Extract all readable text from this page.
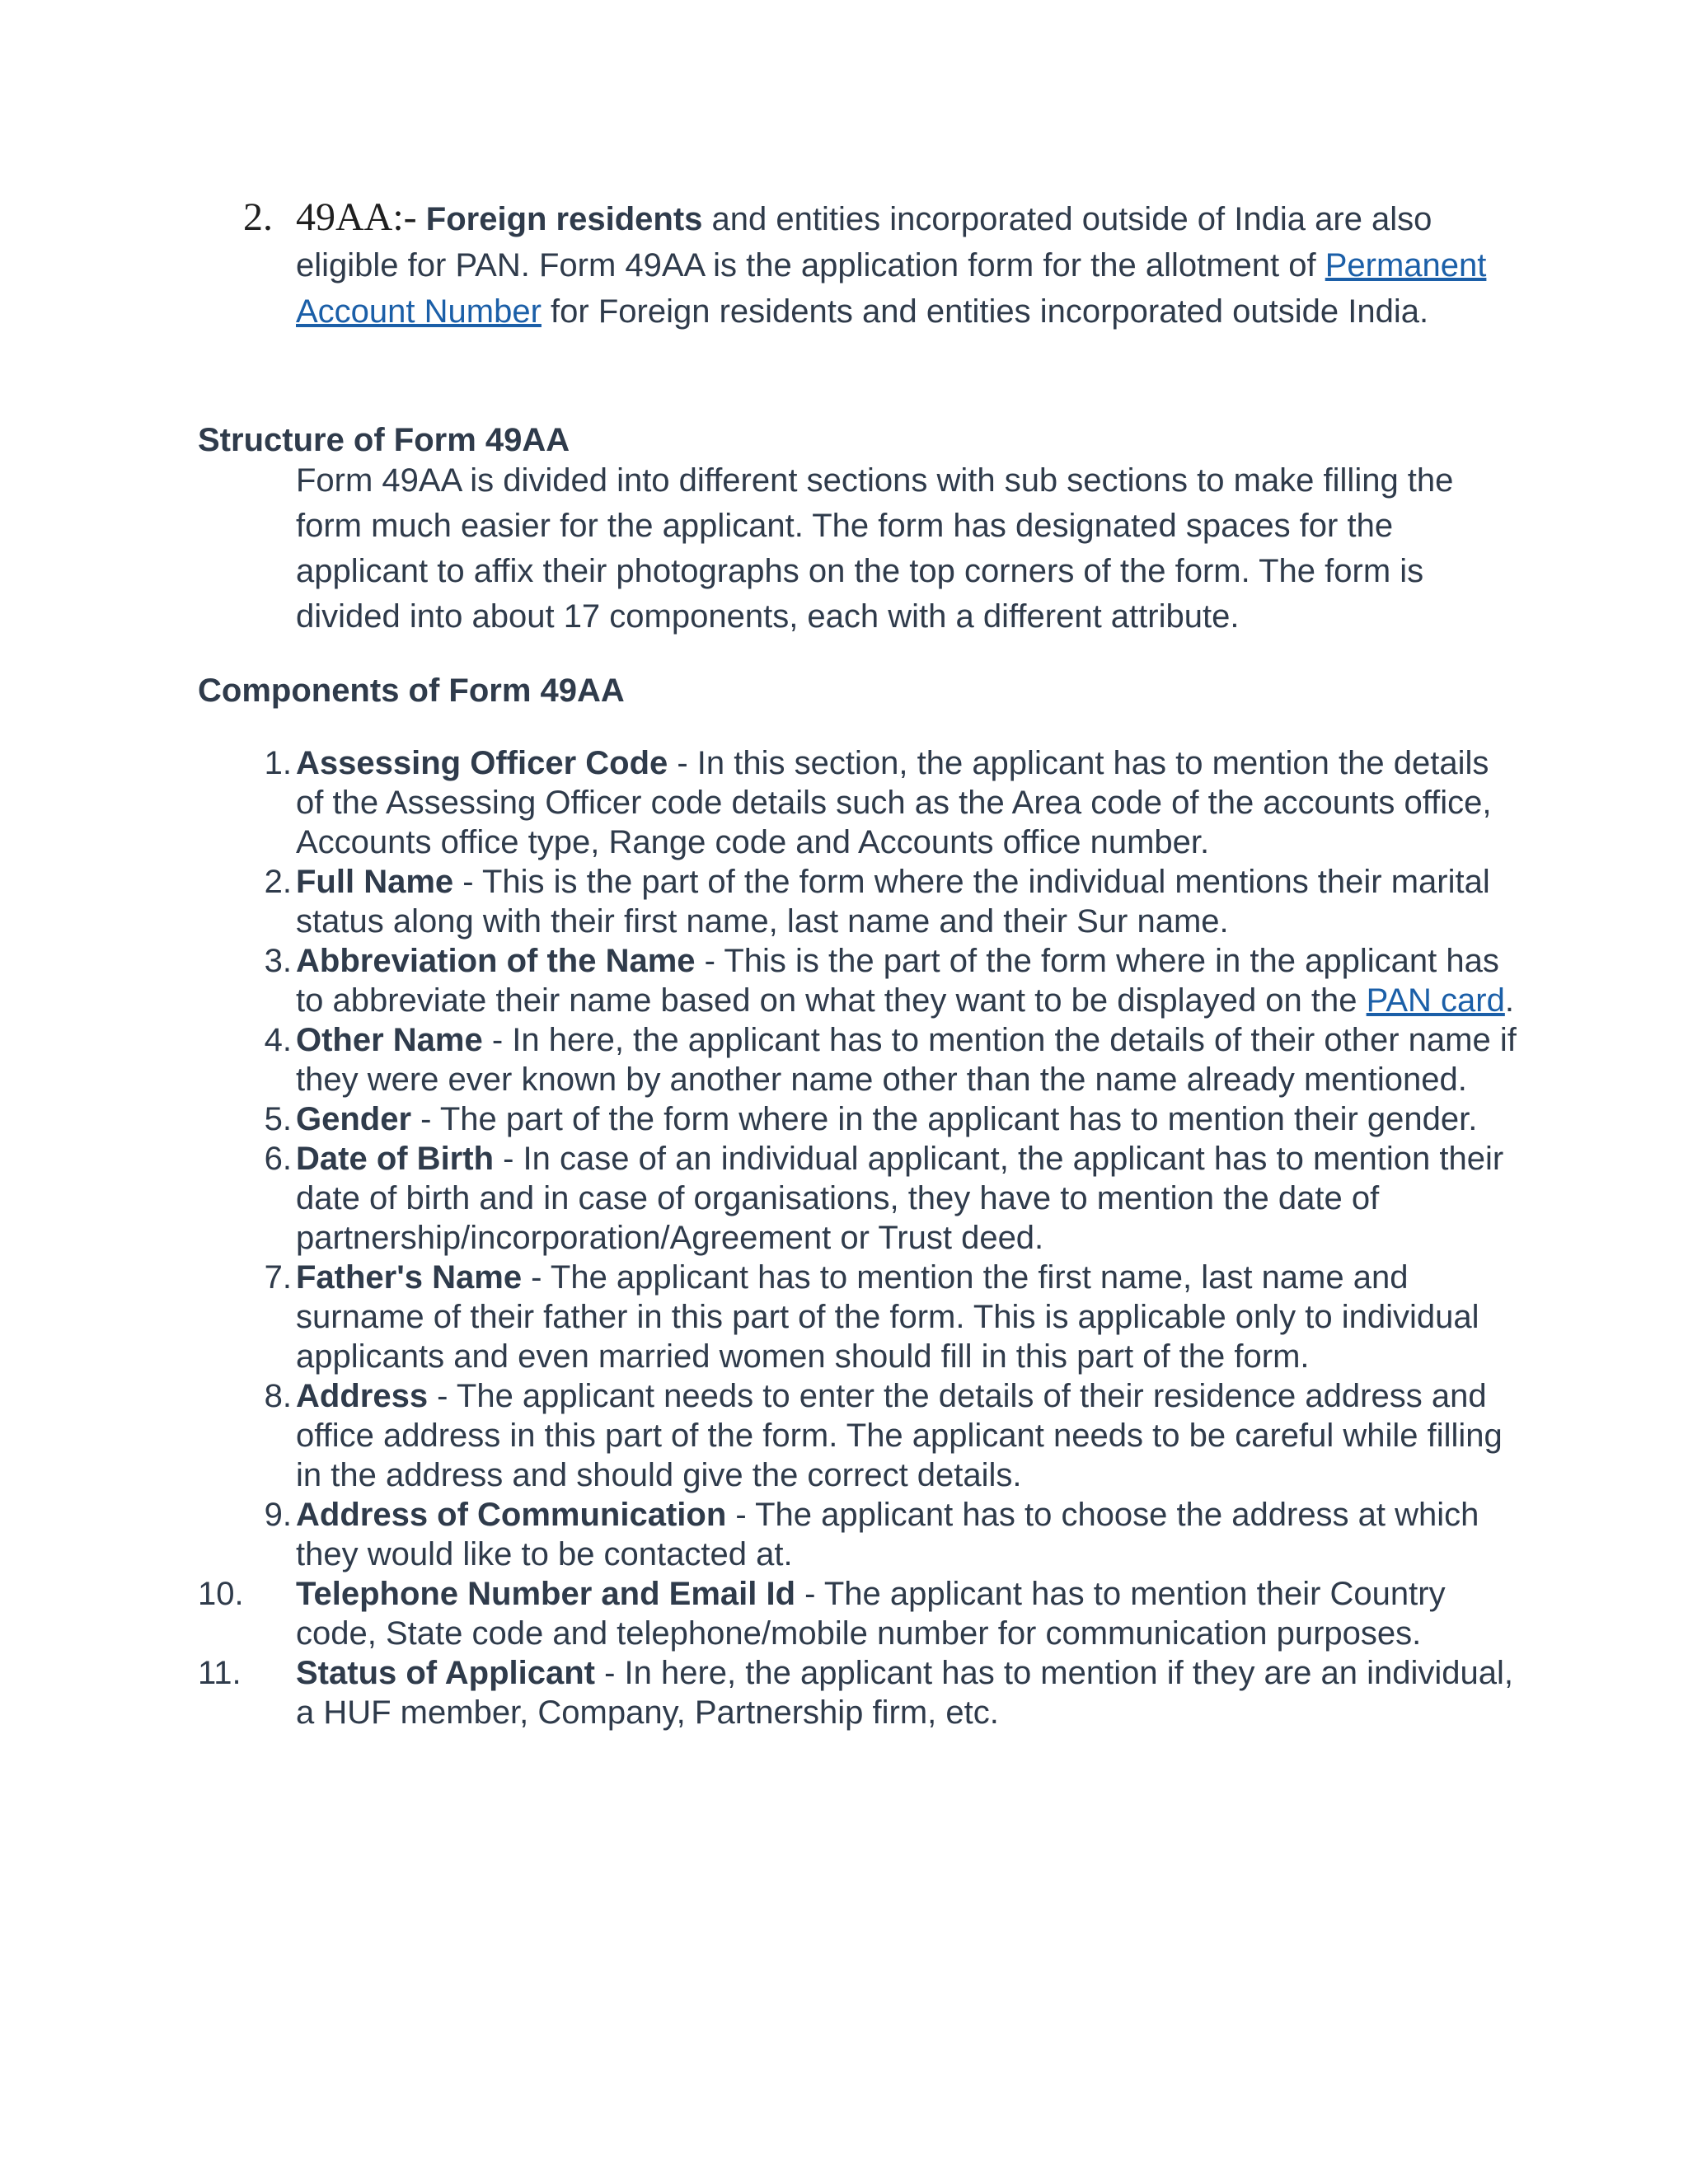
2. 49AA:- Foreign residents and entities incorporated outside of India are also eligible for PAN. Form 49AA is the application form for the allotment of Permanent Account Number for Foreign residents and entities incorporated outside India.
Structure of Form 49AA
Form 49AA is divided into different sections with sub sections to make filling the form much easier for the applicant. The form has designated spaces for the applicant to affix their photographs on the top corners of the form. The form is divided into about 17 components, each with a different attribute.
Components of Form 49AA
1. Assessing Officer Code - In this section, the applicant has to mention the details of the Assessing Officer code details such as the Area code of the accounts office, Accounts office type, Range code and Accounts office number.
2. Full Name - This is the part of the form where the individual mentions their marital status along with their first name, last name and their Sur name.
3. Abbreviation of the Name - This is the part of the form where in the applicant has to abbreviate their name based on what they want to be displayed on the PAN card.
4. Other Name - In here, the applicant has to mention the details of their other name if they were ever known by another name other than the name already mentioned.
5. Gender - The part of the form where in the applicant has to mention their gender.
6. Date of Birth - In case of an individual applicant, the applicant has to mention their date of birth and in case of organisations, they have to mention the date of partnership/incorporation/Agreement or Trust deed.
7. Father's Name - The applicant has to mention the first name, last name and surname of their father in this part of the form. This is applicable only to individual applicants and even married women should fill in this part of the form.
8. Address - The applicant needs to enter the details of their residence address and office address in this part of the form. The applicant needs to be careful while filling in the address and should give the correct details.
9. Address of Communication - The applicant has to choose the address at which they would like to be contacted at.
10.	Telephone Number and Email Id - The applicant has to mention their Country code, State code and telephone/mobile number for communication purposes.
11.	Status of Applicant - In here, the applicant has to mention if they are an individual, a HUF member, Company, Partnership firm, etc.
